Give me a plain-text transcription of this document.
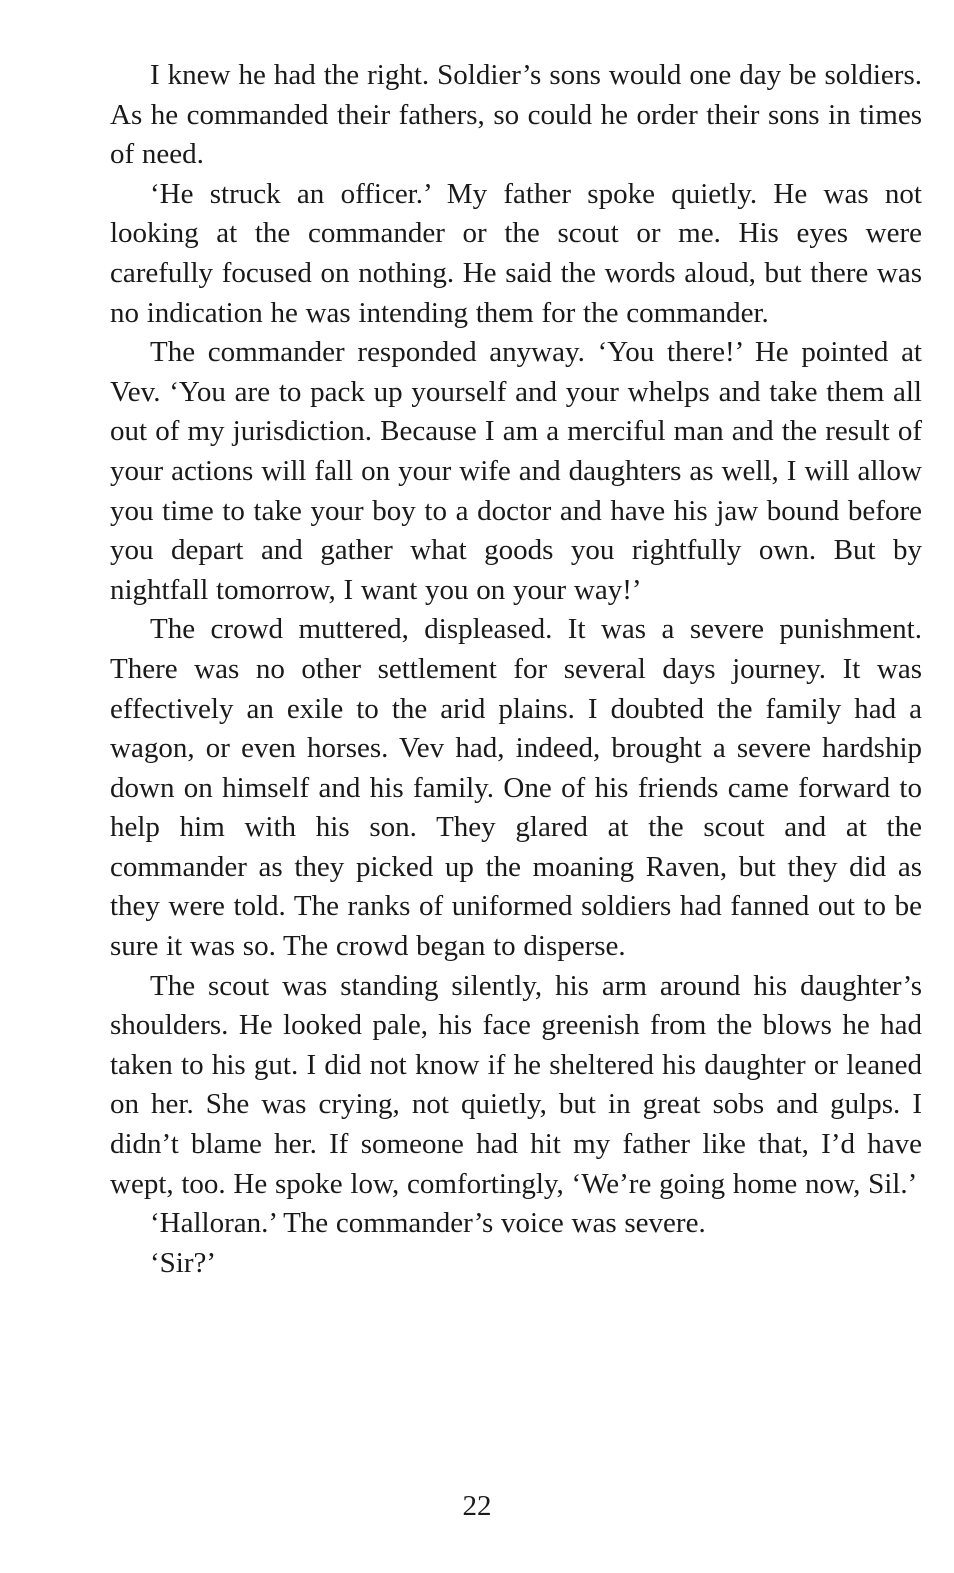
I knew he had the right. Soldier’s sons would one day be soldiers. As he commanded their fathers, so could he order their sons in times of need.

‘He struck an officer.’ My father spoke quietly. He was not looking at the commander or the scout or me. His eyes were carefully focused on nothing. He said the words aloud, but there was no indication he was intending them for the commander.

The commander responded anyway. ‘You there!’ He pointed at Vev. ‘You are to pack up yourself and your whelps and take them all out of my jurisdiction. Because I am a merciful man and the result of your actions will fall on your wife and daughters as well, I will allow you time to take your boy to a doctor and have his jaw bound before you depart and gather what goods you rightfully own. But by nightfall tomorrow, I want you on your way!’

The crowd muttered, displeased. It was a severe punishment. There was no other settlement for several days journey. It was effectively an exile to the arid plains. I doubted the family had a wagon, or even horses. Vev had, indeed, brought a severe hardship down on himself and his family. One of his friends came forward to help him with his son. They glared at the scout and at the commander as they picked up the moaning Raven, but they did as they were told. The ranks of uniformed soldiers had fanned out to be sure it was so. The crowd began to disperse.

The scout was standing silently, his arm around his daughter’s shoulders. He looked pale, his face greenish from the blows he had taken to his gut. I did not know if he sheltered his daughter or leaned on her. She was crying, not quietly, but in great sobs and gulps. I didn’t blame her. If someone had hit my father like that, I’d have wept, too. He spoke low, comfortingly, ‘We’re going home now, Sil.’

‘Halloran.’ The commander’s voice was severe.

‘Sir?’

22
